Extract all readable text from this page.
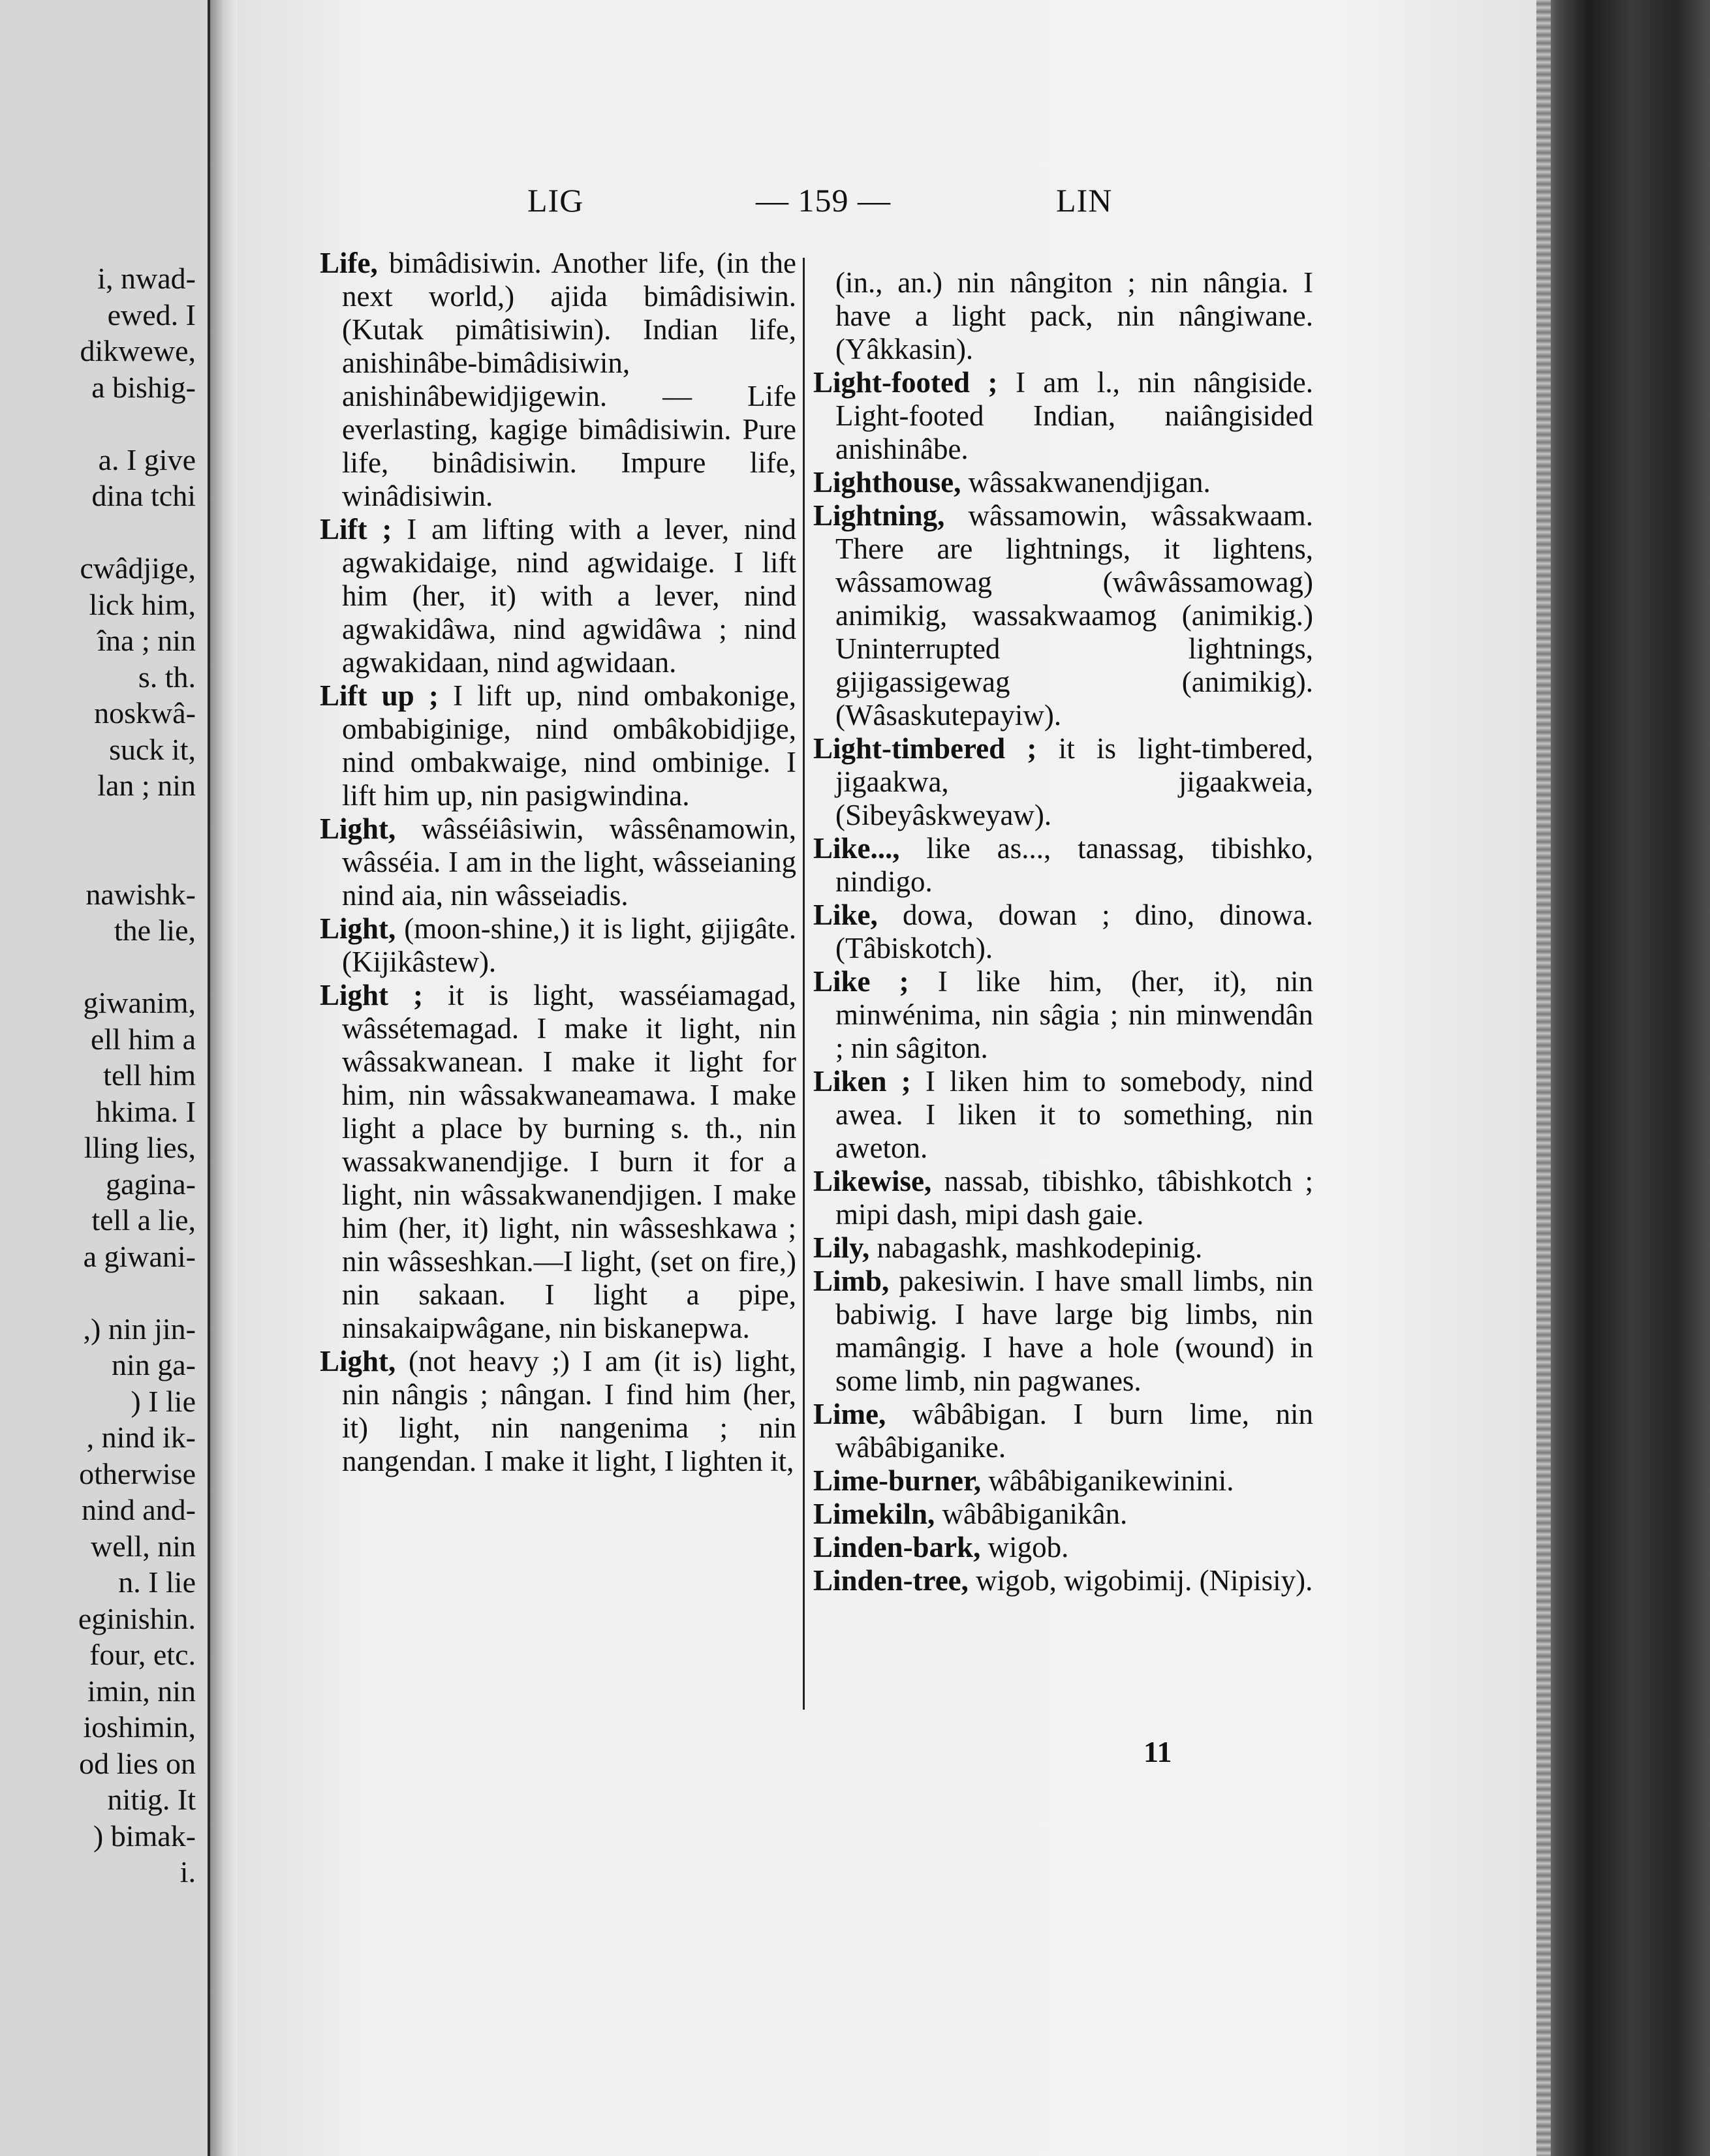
i, nwad-
ewed. I
dikwewe,
a bishig-
a. I give
dina tchi
cwâdjige,
lick him,
îna ; nin
s. th.
noskwâ-
suck it,
lan ; nin
nawishk-
the lie,
giwanim,
ell him a
tell him
hkima. I
lling lies,
gagina-
tell a lie,
a giwani-
,) nin jin-
nin ga-
) I lie
, nind ik-
otherwise
nind and-
well, nin
n. I lie
eginishin.
four, etc.
imin, nin
ioshimin,
od lies on
nitig. It
) bimak-
i.
LIG	— 159 —	LIN

Life, bimâdisiwin. Another life, (in the next world,) ajida bimâdisiwin. (Kutak pimâtisiwin). Indian life, anishinâbe-bimâdisiwin, anishinâbewidjigewin. — Life everlasting, kagige bimâdisiwin. Pure life, binâdisiwin. Impure life, winâdisiwin.

Lift ; I am lifting with a lever, nind agwakidaige, nind agwidaige. I lift him (her, it) with a lever, nind agwakidâwa, nind agwidâwa ; nind agwakidaan, nind agwidaan.

Lift up ; I lift up, nind ombakonige, ombabiginige, nind ombâkobidjige, nind ombakwaige, nind ombinige. I lift him up, nin pasigwindina.

Light, wâsséiâsiwin, wâssênamowin, wâsséia. I am in the light, wâsseianing nind aia, nin wâsseiadis.

Light, (moon-shine,) it is light, gijigâte. (Kijikâstew).

Light ; it is light, wasséiamagad, wâssétemagad. I make it light, nin wâssakwanean. I make it light for him, nin wâssakwaneamawa. I make light a place by burning s. th., nin wassakwanendjige. I burn it for a light, nin wâssakwanendjigen. I make him (her, it) light, nin wâsseshkawa ; nin wâsseshkan.—I light, (set on fire,) nin sakaan. I light a pipe, ninsakaipwâgane, nin biskanepwa.

Light, (not heavy ;) I am (it is) light, nin nângis ; nângan. I find him (her, it) light, nin nangenima ; nin nangendan. I make it light, I lighten it,

(in., an.) nin nângiton ; nin nângia. I have a light pack, nin nângiwane. (Yâkkasin).

Light-footed ; I am l., nin nângiside. Light-footed Indian, naiângisided anishinâbe.

Lighthouse, wâssakwanendjigan.

Lightning, wâssamowin, wâssakwaam. There are lightnings, it lightens, wâssamowag (wâwâssamowag) animikig, wassakwaamog (animikig.) Uninterrupted lightnings, gijigassigewag (animikig). (Wâsaskutepayiw).

Light-timbered ; it is light-timbered, jigaakwa, jigaakweia, (Sibeyâskweyaw).

Like..., like as..., tanassag, tibishko, nindigo.

Like, dowa, dowan ; dino, dinowa. (Tâbiskotch).

Like ; I like him, (her, it), nin minwénima, nin sâgia ; nin minwendân ; nin sâgiton.

Liken ; I liken him to somebody, nind awea. I liken it to something, nin aweton.

Likewise, nassab, tibishko, tâbishkotch ; mipi dash, mipi dash gaie.

Lily, nabagashk, mashkodepinig.

Limb, pakesiwin. I have small limbs, nin babiwig. I have large big limbs, nin mamângig. I have a hole (wound) in some limb, nin pagwanes.

Lime, wâbâbigan. I burn lime, nin wâbâbiganike.

Lime-burner, wâbâbiganikewinini.

Limekiln, wâbâbiganikân.

Linden-bark, wigob.

Linden-tree, wigob, wigobimij. (Nipisiy).

11
